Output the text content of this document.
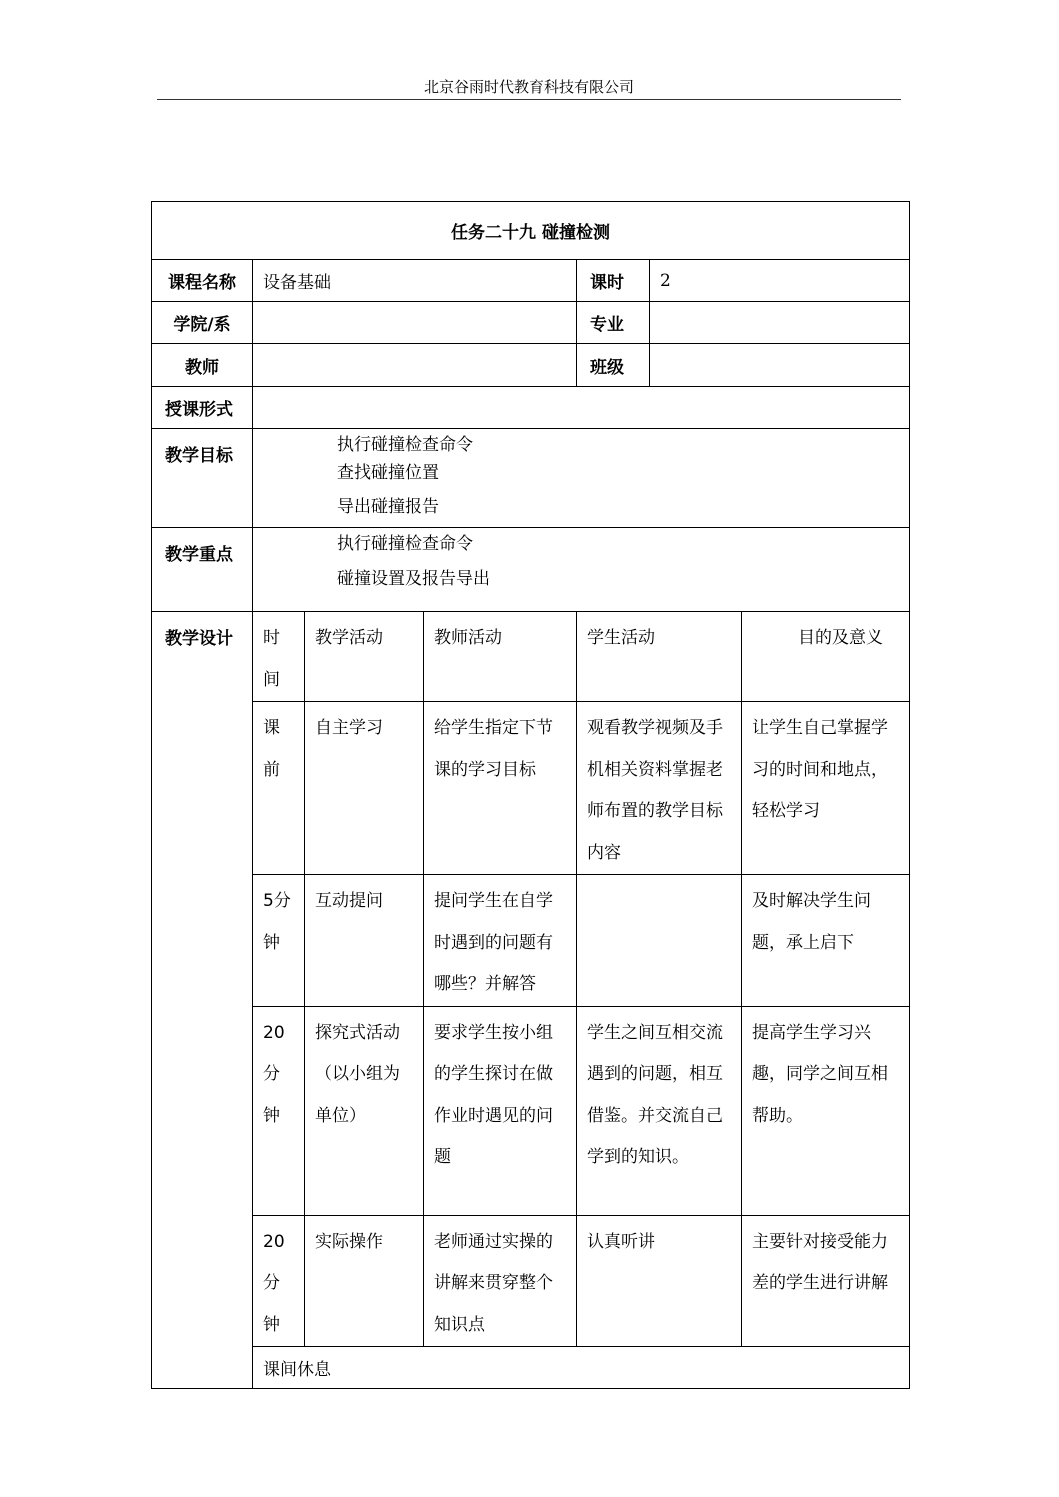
北京谷雨时代教育科技有限公司
任务二十九 碰撞检测						
课程名称	设备基础			课时	2	
学院/系				专业		
教师				班级		
授课形式						
教学目标	执行碰撞检查命令
查找碰撞位置
导出碰撞报告					

教学重点	执行碰撞检查命令
碰撞设置及报告导出					

教学设计	时间	教学活动	教师活动	学生活动		目的及意义
	课前	自主学习	给学生指定下节课的学习目标	观看教学视频及手机相关资料掌握老师布置的教学目标内容		让学生自己掌握学习的时间和地点，轻松学习
	5分钟	互动提问	提问学生在自学时遇到的问题有哪些？并解答			及时解决学生问题，承上启下
	20分钟	探究式活动（以小组为单位）	要求学生按小组的学生探讨在做作业时遇见的问题	学生之间互相交流遇到的问题，相互借鉴。并交流自己学到的知识。		提高学生学习兴趣，同学之间互相帮助。
	20分钟	实际操作	老师通过实操的讲解来贯穿整个知识点	认真听讲		主要针对接受能力差的学生进行讲解
	课间休息					
